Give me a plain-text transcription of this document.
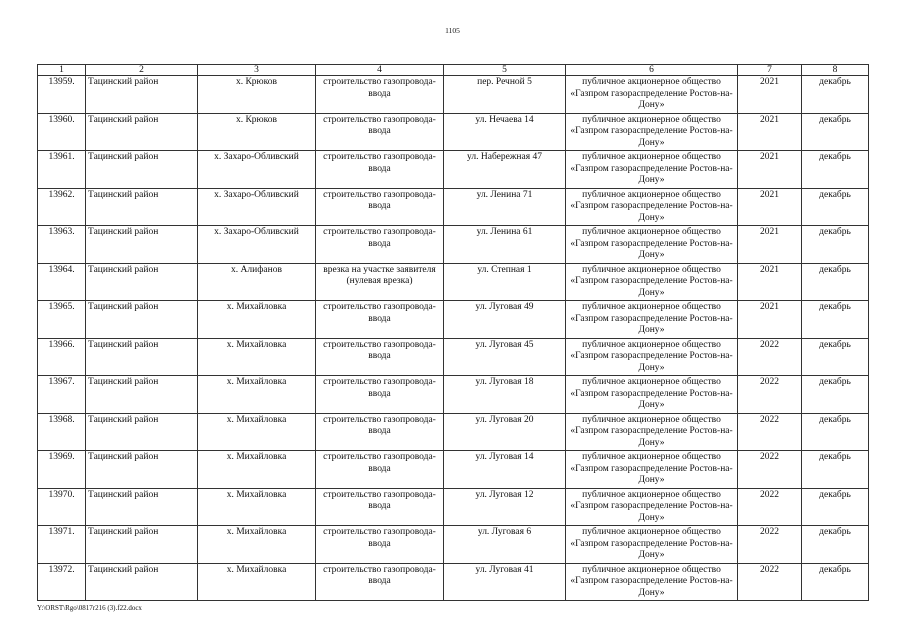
1105
1	2	3	4	5	6	7	8
13959.	Тацинский район	х. Крюков	строительство газопровода-ввода	пер. Речной 5	публичное акционерное общество «Газпром газораспределение Ростов-на-Дону»	2021	декабрь
13960.	Тацинский район	х. Крюков	строительство газопровода-ввода	ул. Нечаева 14	публичное акционерное общество «Газпром газораспределение Ростов-на-Дону»	2021	декабрь
13961.	Тацинский район	х. Захаро-Обливский	строительство газопровода-ввода	ул. Набережная 47	публичное акционерное общество «Газпром газораспределение Ростов-на-Дону»	2021	декабрь
13962.	Тацинский район	х. Захаро-Обливский	строительство газопровода-ввода	ул. Ленина 71	публичное акционерное общество «Газпром газораспределение Ростов-на-Дону»	2021	декабрь
13963.	Тацинский район	х. Захаро-Обливский	строительство газопровода-ввода	ул. Ленина 61	публичное акционерное общество «Газпром газораспределение Ростов-на-Дону»	2021	декабрь
13964.	Тацинский район	х. Алифанов	врезка на участке заявителя (нулевая врезка)	ул. Степная 1	публичное акционерное общество «Газпром газораспределение Ростов-на-Дону»	2021	декабрь
13965.	Тацинский район	х. Михайловка	строительство газопровода-ввода	ул. Луговая 49	публичное акционерное общество «Газпром газораспределение Ростов-на-Дону»	2021	декабрь
13966.	Тацинский район	х. Михайловка	строительство газопровода-ввода	ул. Луговая 45	публичное акционерное общество «Газпром газораспределение Ростов-на-Дону»	2022	декабрь
13967.	Тацинский район	х. Михайловка	строительство газопровода-ввода	ул. Луговая 18	публичное акционерное общество «Газпром газораспределение Ростов-на-Дону»	2022	декабрь
13968.	Тацинский район	х. Михайловка	строительство газопровода-ввода	ул. Луговая 20	публичное акционерное общество «Газпром газораспределение Ростов-на-Дону»	2022	декабрь
13969.	Тацинский район	х. Михайловка	строительство газопровода-ввода	ул. Луговая 14	публичное акционерное общество «Газпром газораспределение Ростов-на-Дону»	2022	декабрь
13970.	Тацинский район	х. Михайловка	строительство газопровода-ввода	ул. Луговая 12	публичное акционерное общество «Газпром газораспределение Ростов-на-Дону»	2022	декабрь
13971.	Тацинский район	х. Михайловка	строительство газопровода-ввода	ул. Луговая 6	публичное акционерное общество «Газпром газораспределение Ростов-на-Дону»	2022	декабрь
13972.	Тацинский район	х. Михайловка	строительство газопровода-ввода	ул. Луговая 41	публичное акционерное общество «Газпром газораспределение Ростов-на-Дону»	2022	декабрь
Y:\ORST\Rgo\0817r216 (3).f22.docx
